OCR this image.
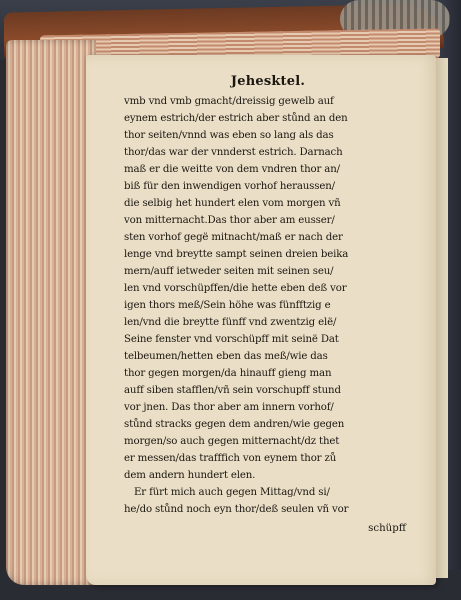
Jehesktel.
vmb vnd vmb gmacht/dreissig gewelb auf
eynem estrich/der estrich aber stůnd an den
thor seiten/vnnd was eben so lang als das
thor/das war der vnnderst estrich. Darnach
maß er die weitte von dem vndren thor an/
biß für den inwendigen vorhof heraussen/
die selbig het hundert elen vom morgen vñ
von mitternacht.Das thor aber am eusser/
sten vorhof gegë mitnacht/maß er nach der
lenge vnd breytte sampt seinen dreien beika
mern/auff ietweder seiten mit seinen seu/
len vnd vorschüpffen/die hette eben deß vor
igen thors meß/Sein höhe was fünfftzig e
len/vnd die breytte fünff vnd zwentzig elë/
Seine fenster vnd vorschüpff mit seinë Dat
telbeumen/hetten eben das meß/wie das
thor gegen morgen/da hinauff gieng man
auff siben stafflen/vñ sein vorschupff stund
vor jnen. Das thor aber am innern vorhof/
stůnd stracks gegen dem andren/wie gegen
morgen/so auch gegen mitternacht/dz thet
er messen/das trafffich von eynem thor zů
dem andern hundert elen.
Er fürt mich auch gegen Mittag/vnd si/
he/do stůnd noch eyn thor/deß seulen vñ vor
schüpff
